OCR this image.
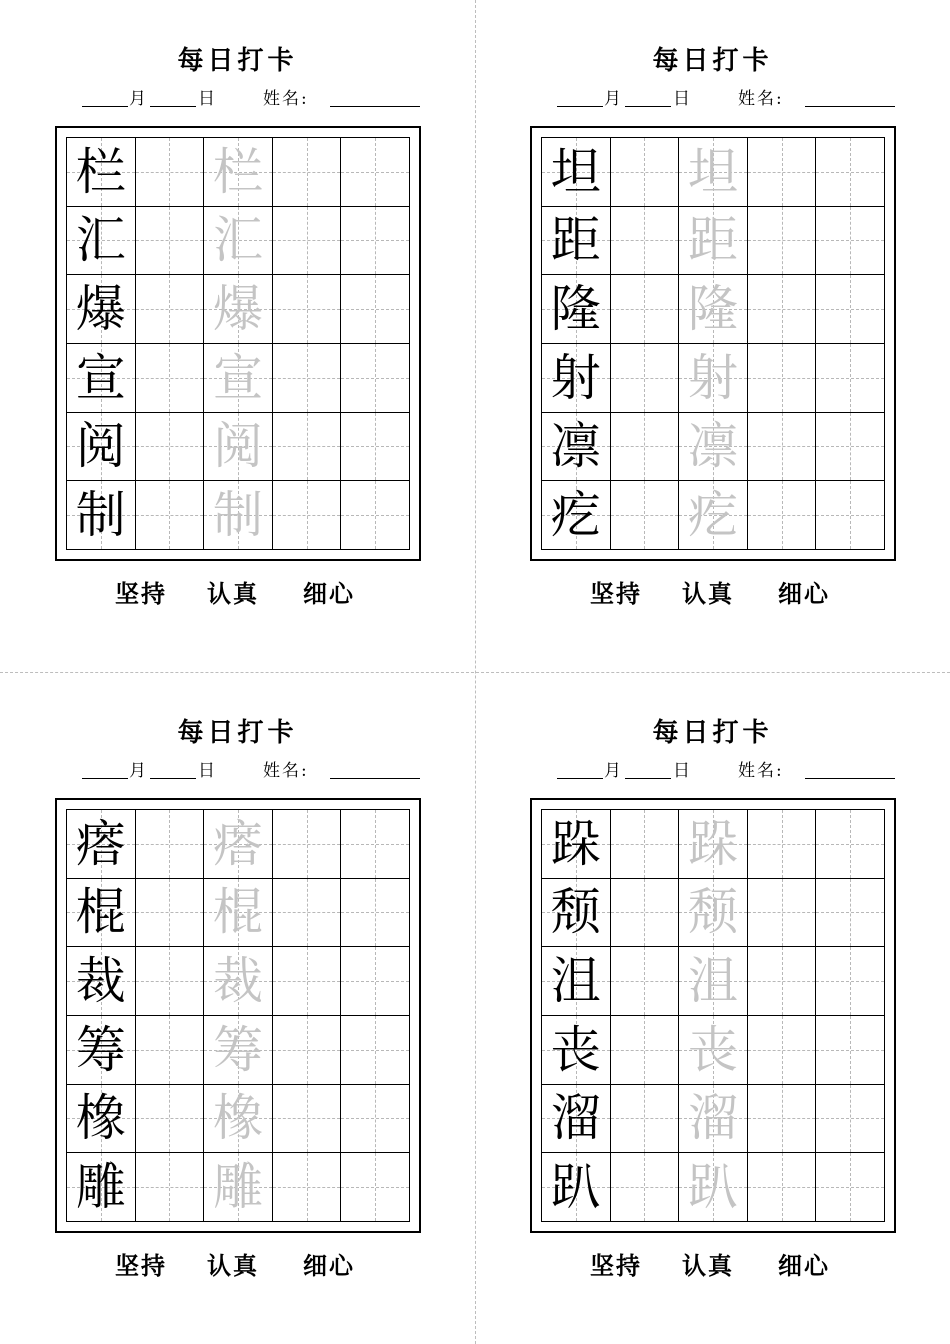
每日打卡
月	日	姓名:
栏 栏
汇 汇
爆 爆
宣 宣
阅 阅
制 制
坚持 认真 细心
每日打卡
月	日	姓名:
坦 坦
距 距
隆 隆
射 射
凛 凛
疙 疙
坚持 认真 细心
每日打卡
月	日	姓名:
瘩 瘩
棍 棍
裁 裁
筹 筹
橡 橡
雕 雕
坚持 认真 细心
每日打卡
月	日	姓名:
跺 跺
颓 颓
沮 沮
丧 丧
溜 溜
趴 趴
坚持 认真 细心
